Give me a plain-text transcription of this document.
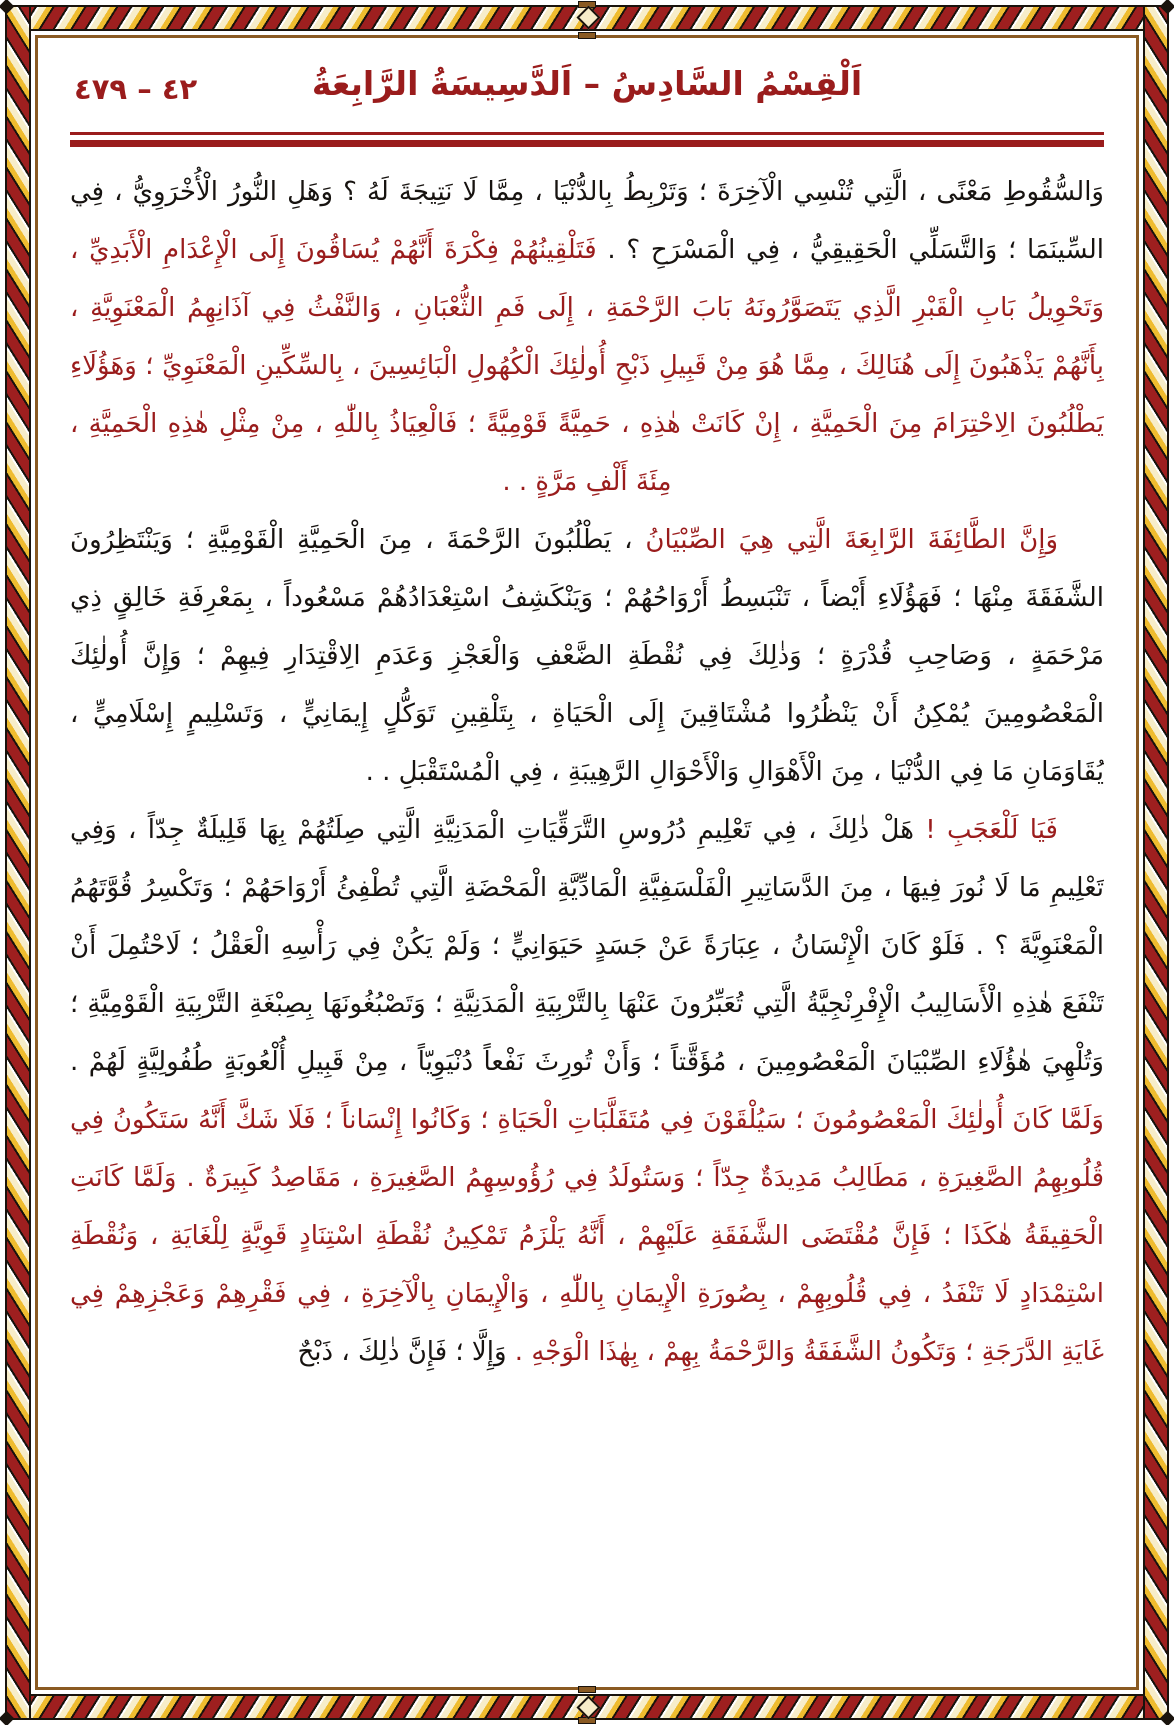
٤٢ – ٤٧٩	اَلْقِسْمُ السَّادِسُ – اَلدَّسِيسَةُ الرَّابِعَةُ

وَالسُّقُوطِ مَعْنًى ، الَّتِي تُنْسِي الْآخِرَةَ ؛ وَتَرْبِطُ بِالدُّنْيَا ، مِمَّا لَا نَتِيجَةَ لَهُ ؟ وَهَلِ النُّورُ الْأُخْرَوِيُّ ، فِي السِّينَمَا ؛ وَالتَّسَلِّي الْحَقِيقِيُّ ، فِي الْمَسْرَحِ ؟ . فَتَلْقِينُهُمْ فِكْرَةَ أَنَّهُمْ يُسَاقُونَ إِلَى الْإِعْدَامِ الْأَبَدِيِّ ، وَتَحْوِيلُ بَابِ الْقَبْرِ الَّذِي يَتَصَوَّرُونَهُ بَابَ الرَّحْمَةِ ، إِلَى فَمِ الثُّعْبَانِ ، وَالنَّفْثُ فِي آذَانِهِمُ الْمَعْنَوِيَّةِ ، بِأَنَّهُمْ يَذْهَبُونَ إِلَى هُنَالِكَ ، مِمَّا هُوَ مِنْ قَبِيلِ ذَبْحِ أُولٰئِكَ الْكُهُولِ الْبَائِسِينَ ، بِالسِّكِّينِ الْمَعْنَوِيِّ ؛ وَهَؤُلَاءِ يَطْلُبُونَ الِاحْتِرَامَ مِنَ الْحَمِيَّةِ ، إِنْ كَانَتْ هٰذِهِ ، حَمِيَّةً قَوْمِيَّةً ؛ فَالْعِيَاذُ بِاللّٰهِ ، مِنْ مِثْلِ هٰذِهِ الْحَمِيَّةِ ، مِئَةَ أَلْفِ مَرَّةٍ . .

وَإِنَّ الطَّائِفَةَ الرَّابِعَةَ الَّتِي هِيَ الصِّبْيَانُ ، يَطْلُبُونَ الرَّحْمَةَ ، مِنَ الْحَمِيَّةِ الْقَوْمِيَّةِ ؛ وَيَنْتَظِرُونَ الشَّفَقَةَ مِنْهَا ؛ فَهَؤُلَاءِ أَيْضاً ، تَنْبَسِطُ أَرْوَاحُهُمْ ؛ وَيَنْكَشِفُ اسْتِعْدَادُهُمْ مَسْعُوداً ، بِمَعْرِفَةِ خَالِقٍ ذِي مَرْحَمَةٍ ، وَصَاحِبِ قُدْرَةٍ ؛ وَذٰلِكَ فِي نُقْطَةِ الضَّعْفِ وَالْعَجْزِ وَعَدَمِ الِاقْتِدَارِ فِيهِمْ ؛ وَإِنَّ أُولٰئِكَ الْمَعْصُومِينَ يُمْكِنُ أَنْ يَنْظُرُوا مُشْتَاقِينَ إِلَى الْحَيَاةِ ، بِتَلْقِينِ تَوَكُّلٍ إِيمَانِيٍّ ، وَتَسْلِيمٍ إِسْلَامِيٍّ ، يُقَاوَمَانِ مَا فِي الدُّنْيَا ، مِنَ الْأَهْوَالِ وَالْأَحْوَالِ الرَّهِيبَةِ ، فِي الْمُسْتَقْبَلِ . .

فَيَا لَلْعَجَبِ ! هَلْ ذٰلِكَ ، فِي تَعْلِيمِ دُرُوسِ التَّرَقِّيَاتِ الْمَدَنِيَّةِ الَّتِي صِلَتُهُمْ بِهَا قَلِيلَةٌ جِدّاً ، وَفِي تَعْلِيمِ مَا لَا نُورَ فِيهَا ، مِنَ الدَّسَاتِيرِ الْفَلْسَفِيَّةِ الْمَادِّيَّةِ الْمَحْضَةِ الَّتِي تُطْفِئُ أَرْوَاحَهُمْ ؛ وَتَكْسِرُ قُوَّتَهُمُ الْمَعْنَوِيَّةَ ؟ . فَلَوْ كَانَ الْإِنْسَانُ ، عِبَارَةً عَنْ جَسَدٍ حَيَوَانِيٍّ ؛ وَلَمْ يَكُنْ فِي رَأْسِهِ الْعَقْلُ ؛ لَاحْتُمِلَ أَنْ تَنْفَعَ هٰذِهِ الْأَسَالِيبُ الْإِفْرِنْجِيَّةُ الَّتِي تُعَبِّرُونَ عَنْهَا بِالتَّرْبِيَةِ الْمَدَنِيَّةِ ؛ وَتَصْبُغُونَهَا بِصِبْغَةِ التَّرْبِيَةِ الْقَوْمِيَّةِ ؛ وَتُلْهِيَ هٰؤُلَاءِ الصِّبْيَانَ الْمَعْصُومِينَ ، مُؤَقَّتاً ؛ وَأَنْ تُورِثَ نَفْعاً دُنْيَوِيّاً ، مِنْ قَبِيلِ أُلْعُوبَةٍ طُفُولِيَّةٍ لَهُمْ . وَلَمَّا كَانَ أُولٰئِكَ الْمَعْصُومُونَ ؛ سَيُلْقَوْنَ فِي مُتَقَلَّبَاتِ الْحَيَاةِ ؛ وَكَانُوا إِنْسَاناً ؛ فَلَا شَكَّ أَنَّهُ سَتَكُونُ فِي قُلُوبِهِمُ الصَّغِيرَةِ ، مَطَالِبُ مَدِيدَةٌ جِدّاً ؛ وَسَتُولَدُ فِي رُؤُوسِهِمُ الصَّغِيرَةِ ، مَقَاصِدُ كَبِيرَةٌ . وَلَمَّا كَانَتِ الْحَقِيقَةُ هٰكَذَا ؛ فَإِنَّ مُقْتَضَى الشَّفَقَةِ عَلَيْهِمْ ، أَنَّهُ يَلْزَمُ تَمْكِينُ نُقْطَةِ اسْتِنَادٍ قَوِيَّةٍ لِلْغَايَةِ ، وَنُقْطَةِ اسْتِمْدَادٍ لَا تَنْفَدُ ، فِي قُلُوبِهِمْ ، بِصُورَةِ الْإِيمَانِ بِاللّٰهِ ، وَالْإِيمَانِ بِالْآخِرَةِ ، فِي فَقْرِهِمْ وَعَجْزِهِمْ فِي غَايَةِ الدَّرَجَةِ ؛ وَتَكُونُ الشَّفَقَةُ وَالرَّحْمَةُ بِهِمْ ، بِهٰذَا الْوَجْهِ . وَإِلَّا ؛ فَإِنَّ ذٰلِكَ ، ذَبْحٌ
